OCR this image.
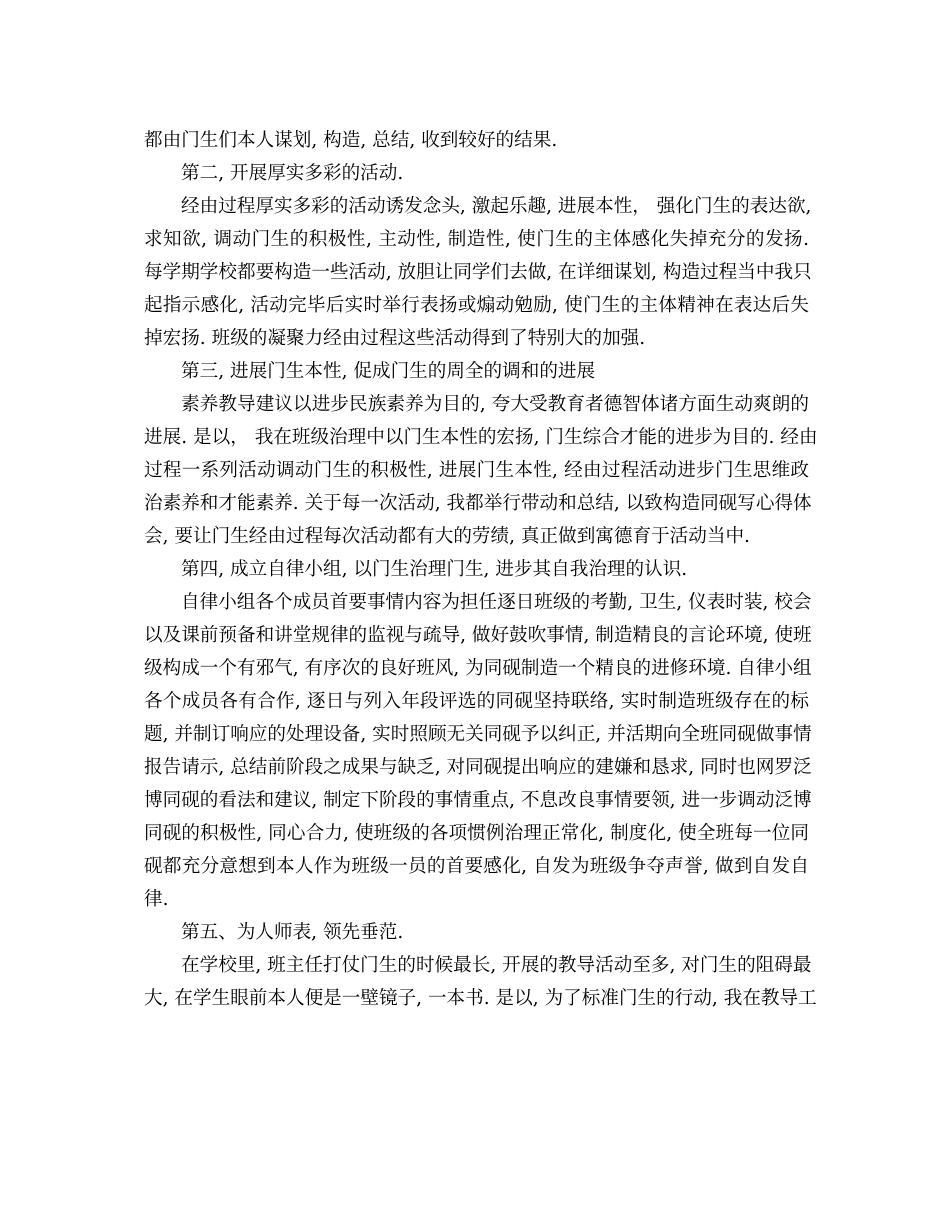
都由门生们本人谋划, 构造, 总结, 收到较好的结果.
第二, 开展厚实多彩的活动.
经由过程厚实多彩的活动诱发念头, 激起乐趣, 进展本性， 强化门生的表达欲,
求知欲, 调动门生的积极性, 主动性, 制造性, 使门生的主体感化失掉充分的发扬.
每学期学校都要构造一些活动, 放胆让同学们去做, 在详细谋划, 构造过程当中我只
起指示感化, 活动完毕后实时举行表扬或煽动勉励, 使门生的主体精神在表达后失
掉宏扬. 班级的凝聚力经由过程这些活动得到了特别大的加强.
第三, 进展门生本性, 促成门生的周全的调和的进展
素养教导建议以进步民族素养为目的, 夸大受教育者德智体诸方面生动爽朗的
进展. 是以， 我在班级治理中以门生本性的宏扬, 门生综合才能的进步为目的. 经由
过程一系列活动调动门生的积极性, 进展门生本性, 经由过程活动进步门生思维政
治素养和才能素养. 关于每一次活动, 我都举行带动和总结, 以致构造同砚写心得体
会, 要让门生经由过程每次活动都有大的劳绩, 真正做到寓德育于活动当中.
第四, 成立自律小组, 以门生治理门生, 进步其自我治理的认识.
自律小组各个成员首要事情内容为担任逐日班级的考勤, 卫生, 仪表时装, 校会
以及课前预备和讲堂规律的监视与疏导, 做好鼓吹事情, 制造精良的言论环境, 使班
级构成一个有邪气, 有序次的良好班风, 为同砚制造一个精良的进修环境. 自律小组
各个成员各有合作, 逐日与列入年段评选的同砚坚持联络, 实时制造班级存在的标
题, 并制订响应的处理设备, 实时照顾无关同砚予以纠正, 并活期向全班同砚做事情
报告请示, 总结前阶段之成果与缺乏, 对同砚提出响应的建嫌和恳求, 同时也网罗泛
博同砚的看法和建议, 制定下阶段的事情重点, 不息改良事情要领, 进一步调动泛博
同砚的积极性, 同心合力, 使班级的各项惯例治理正常化, 制度化, 使全班每一位同
砚都充分意想到本人作为班级一员的首要感化, 自发为班级争夺声誉, 做到自发自
律.
第五、为人师表, 领先垂范.
在学校里, 班主任打仗门生的时候最长, 开展的教导活动至多, 对门生的阻碍最
大, 在学生眼前本人便是一壁镜子, 一本书. 是以, 为了标准门生的行动, 我在教导工
